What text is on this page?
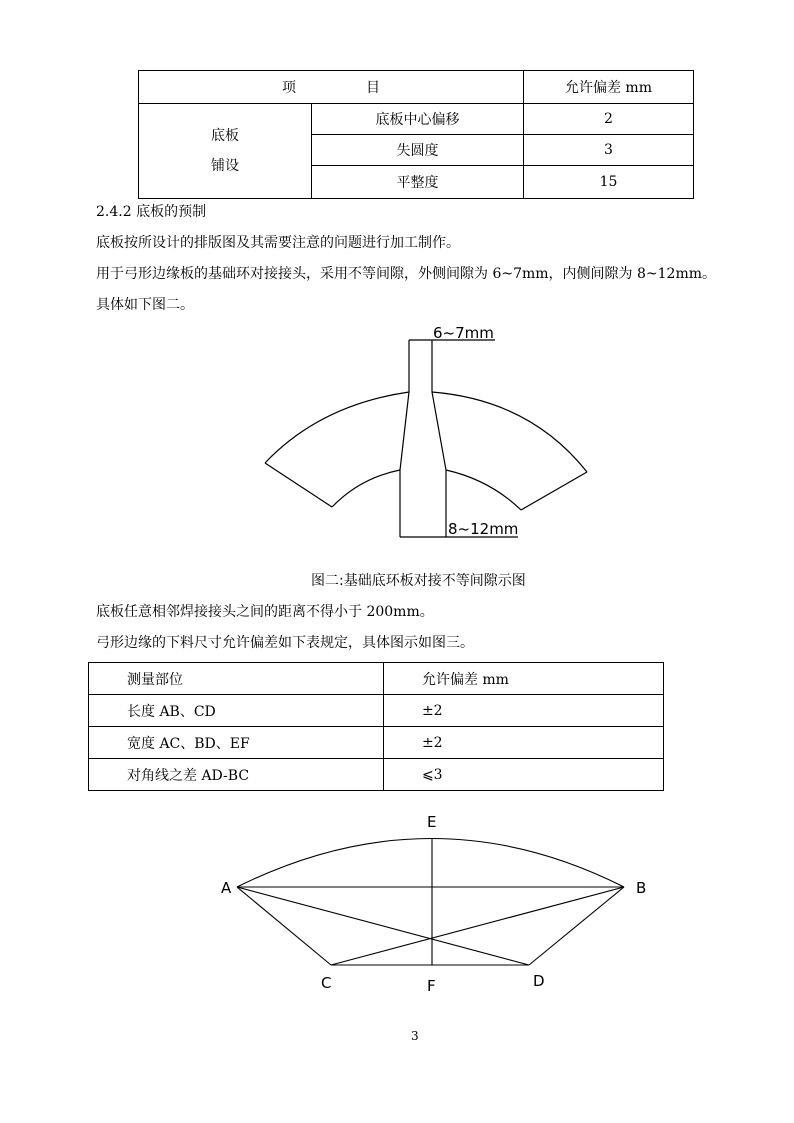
项　　　　　目		允许偏差 mm

底板
铺设	底板中心偏移	2
	失圆度	3
	平整度	15
2.4.2 底板的预制
底板按所设计的排版图及其需要注意的问题进行加工制作。
用于弓形边缘板的基础环对接接头，采用不等间隙，外侧间隙为 6~7mm，内侧间隙为 8~12mm。
具体如下图二。
6~7mm
8~12mm
图二:基础底环板对接不等间隙示图
底板任意相邻焊接接头之间的距离不得小于 200mm。
弓形边缘的下料尺寸允许偏差如下表规定，具体图示如图三。
测量部位	允许偏差 mm
长度 AB、CD	±2
宽度 AC、BD、EF	±2
对角线之差 AD-BC	⩽3
E
A	B
C	F	D
3
